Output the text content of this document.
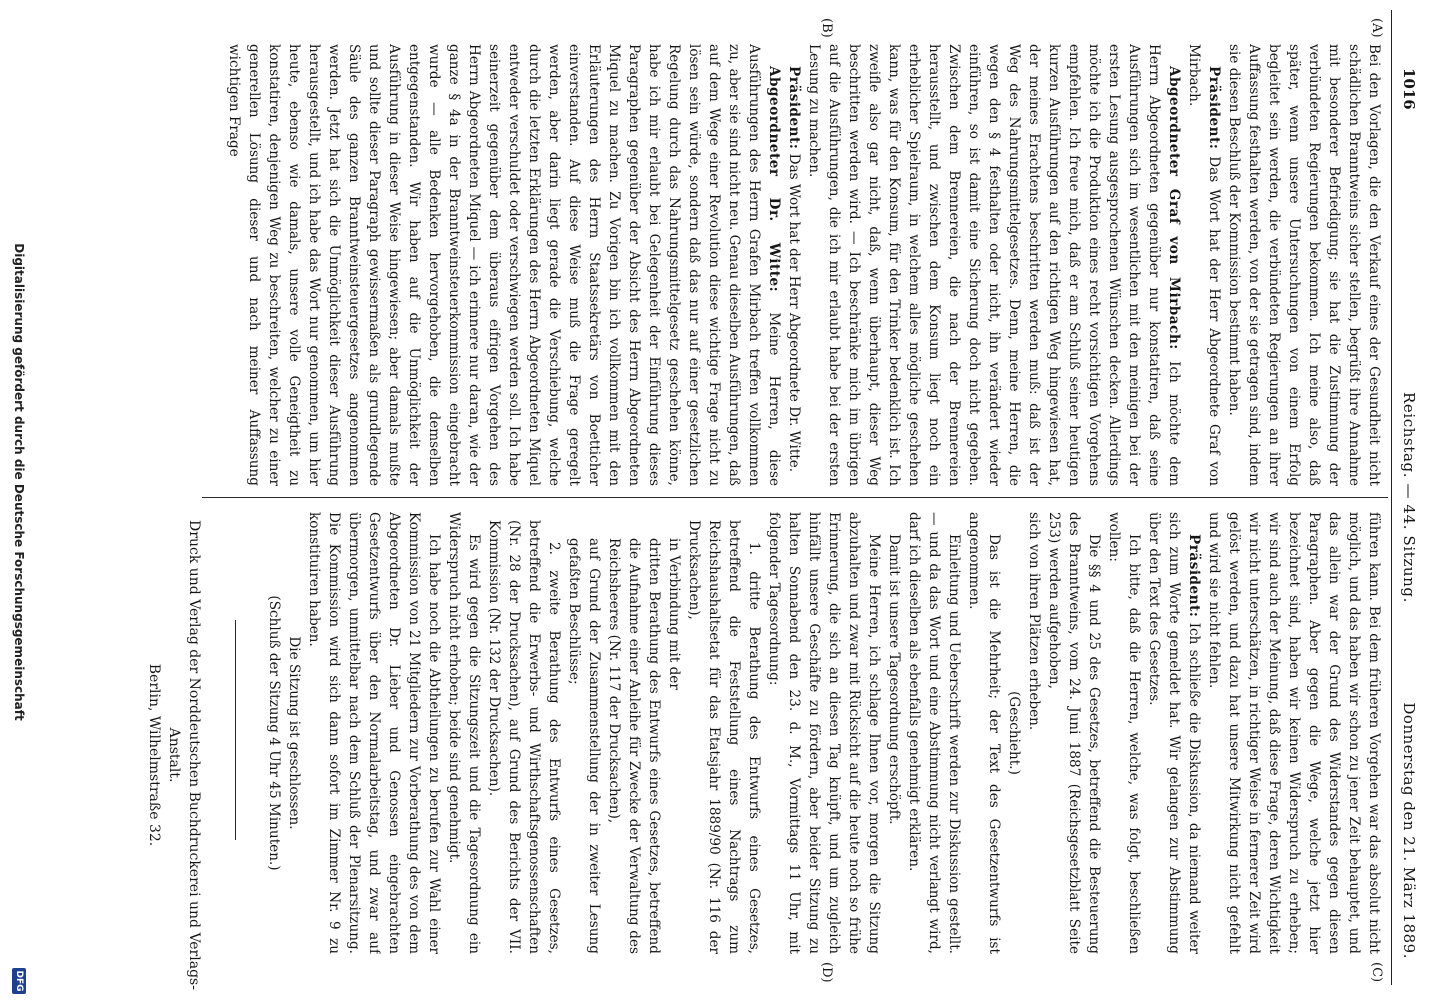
1016
Reichstag. — 44. Sitzung.
Donnerstag den 21. März 1889.
(A)
(B)
(C)
(D)

Bei den Vorlagen, die den Verkauf eines der Gesundheit nicht schädlichen Branntweins sicher stellen, begrüßt ihre Annahme mit besonderer Befriedigung; sie hat die Zustimmung der verbündeten Regierungen bekommen. Ich meine also, daß später, wenn unsere Untersuchungen von einem Erfolg begleitet sein werden, die verbündeten Regierungen an ihrer Auffassung festhalten werden, von der sie getragen sind, indem sie diesen Beschluß der Kommission bestimmt haben.

Präsident: Das Wort hat der Herr Abgeordnete Graf von Mirbach.

Abgeordneter Graf von Mirbach: Ich möchte dem Herrn Abgeordneten gegenüber nur konstatiren, daß seine Ausführungen sich im wesentlichen mit den meinigen bei der ersten Lesung ausgesprochenen Wünschen decken. Allerdings möchte ich die Produktion eines recht vorsichtigen Vorgehens empfehlen. Ich freue mich, daß er am Schluß seiner heutigen kurzen Ausführungen auf den richtigen Weg hingewiesen hat, der meines Erachtens beschritten werden muß: daß ist der Weg des Nahrungsmittelgesetzes. Denn, meine Herren, die wegen den § 4 festhalten oder nicht, ihn verändert wieder einführen, so ist damit eine Sicherung doch nicht gegeben. Zwischen dem Brennereien, die nach der Brennereien herausstellt, und zwischen dem Konsum liegt noch ein erheblicher Spielraum, in welchem alles mögliche geschehen kann, was für den Konsum, für den Trinker bedenklich ist. Ich zweifle also gar nicht, daß, wenn überhaupt, dieser Weg beschritten werden wird. — Ich beschränke mich im übrigen auf die Ausführungen, die ich mir erlaubt habe bei der ersten Lesung zu machen.

Präsident: Das Wort hat der Herr Abgeordnete Dr. Witte.

Abgeordneter Dr. Witte: Meine Herren, diese Ausführungen des Herrn Grafen Mirbach treffen vollkommen zu, aber sie sind nicht neu. Genau dieselben Ausführungen, daß auf dem Wege einer Revolution diese wichtige Frage nicht zu lösen sein würde, sondern daß das nur auf einer gesetzlichen Regelung durch das Nahrungsmittelgesetz geschehen könne, habe ich mir erlaubt bei Gelegenheit der Einführung dieses Paragraphen gegenüber der Absicht des Herrn Abgeordneten Miquel zu machen. Zu Vorigen bin ich vollkommen mit den Erläuterungen des Herrn Staatssekretärs von Boetticher einverstanden. Auf diese Weise muß die Frage geregelt werden, aber darin liegt gerade die Verschiebung, welche durch die letzten Erklärungen des Herrn Abgeordneten Miquel entweder verschuldet oder verschwiegen werden soll. Ich habe seinerzeit gegenüber dem überaus eifrigen Vorgehen des Herrn Abgeordneten Miquel — ich erinnere nur daran, wie der ganze § 4a in der Branntweinsteuerkommission eingebracht wurde — alle Bedenken hervorgehoben, die demselben entgegenstanden. Wir haben auf die Unmöglichkeit der Ausführung in dieser Weise hingewiesen; aber damals mußte und sollte dieser Paragraph gewissermaßen als grundlegende Säule des ganzen Branntweinsteuergesetzes angenommen werden. Jetzt hat sich die Unmöglichkeit dieser Ausführung herausgestellt, und ich habe das Wort nur genommen, um hier heute, ebenso wie damals, unsere volle Geneigtheit zu konstatiren, denjenigen Weg zu beschreiten, welcher zu einer generellen Lösung dieser und nach meiner Auffassung wichtigen Frage

führen kann. Bei dem früheren Vorgehen war das absolut nicht möglich, und das haben wir schon zu jener Zeit behauptet, und das allein war der Grund des Widerstandes gegen diesen Paragraphen. Aber gegen die Wege, welche jetzt hier bezeichnet sind, haben wir keinen Widerspruch zu erheben; wir sind auch der Meinung, daß diese Frage, deren Wichtigkeit wir nicht unterschätzen, in richtiger Weise in fernerer Zeit wird gelöst werden, und dazu hat unsere Mitwirkung nicht gefehlt und wird sie nicht fehlen.

Präsident: Ich schließe die Diskussion, da niemand weiter sich zum Worte gemeldet hat. Wir gelangen zur Abstimmung über den Text des Gesetzes.

Ich bitte, daß die Herren, welche, was folgt, beschließen wollen:

Die §§ 4 und 25 des Gesetzes, betreffend die Besteuerung des Branntweins, vom 24. Juni 1887 (Reichsgesetzblatt Seite 253) werden aufgehoben,

sich von ihren Plätzen erheben.

(Geschieht.)

Das ist die Mehrheit; der Text des Gesetzentwurfs ist angenommen.

Einleitung und Ueberschrift werden zur Diskussion gestellt. — und da das Wort und eine Abstimmung nicht verlangt wird, darf ich dieselben als ebenfalls genehmigt erklären.

Damit ist unsere Tagesordnung erschöpft.

Meine Herren, ich schlage Ihnen vor, morgen die Sitzung abzuhalten und zwar mit Rücksicht auf die heute noch so frühe Erinnerung, die sich an diesen Tag knüpft, und um zugleich hinfällt unsere Geschäfte zu fördern, aber beider Sitzung zu halten Sonnabend den 23. d. M., Vormittags 11 Uhr, mit folgender Tagesordnung:

1. dritte Berathung des Entwurfs eines Gesetzes, betreffend die Feststellung eines Nachtrags zum Reichshaushaltsetat für das Etatsjahr 1889/90 (Nr. 116 der Drucksachen),
in Verbindung mit der
dritten Berathung des Entwurfs eines Gesetzes, betreffend die Aufnahme einer Anleihe für Zwecke der Verwaltung des Reichsheeres (Nr. 117 der Drucksachen),
auf Grund der Zusammenstellung der in zweiter Lesung gefaßten Beschlüsse;

2. zweite Berathung des Entwurfs eines Gesetzes, betreffend die Erwerbs- und Wirthschaftsgenossenschaften (Nr. 28 der Drucksachen), auf Grund des Berichts der VII. Kommission (Nr. 132 der Drucksachen).

Es wird gegen die Sitzungszeit und die Tagesordnung ein Widerspruch nicht erhoben; beide sind genehmigt.

Ich habe noch die Abtheilungen zu berufen zur Wahl einer Kommission von 21 Mitgliedern zur Vorberathung des von dem Abgeordneten Dr. Lieber und Genossen eingebrachten Gesetzentwurfs über den Normalarbeitstag, und zwar auf übermorgen, unmittelbar nach dem Schluß der Plenarsitzung. Die Kommission wird sich dann sofort im Zimmer Nr. 9 zu konstituiren haben.

Die Sitzung ist geschlossen.

(Schluß der Sitzung 4 Uhr 45 Minuten.)

Druck und Verlag der Norddeutschen Buchdruckerei und Verlags-Anstalt.
Berlin, Wilhelmstraße 32.
Digitalisierung gefördert durch die Deutsche Forschungsgemeinschaft
DFG
